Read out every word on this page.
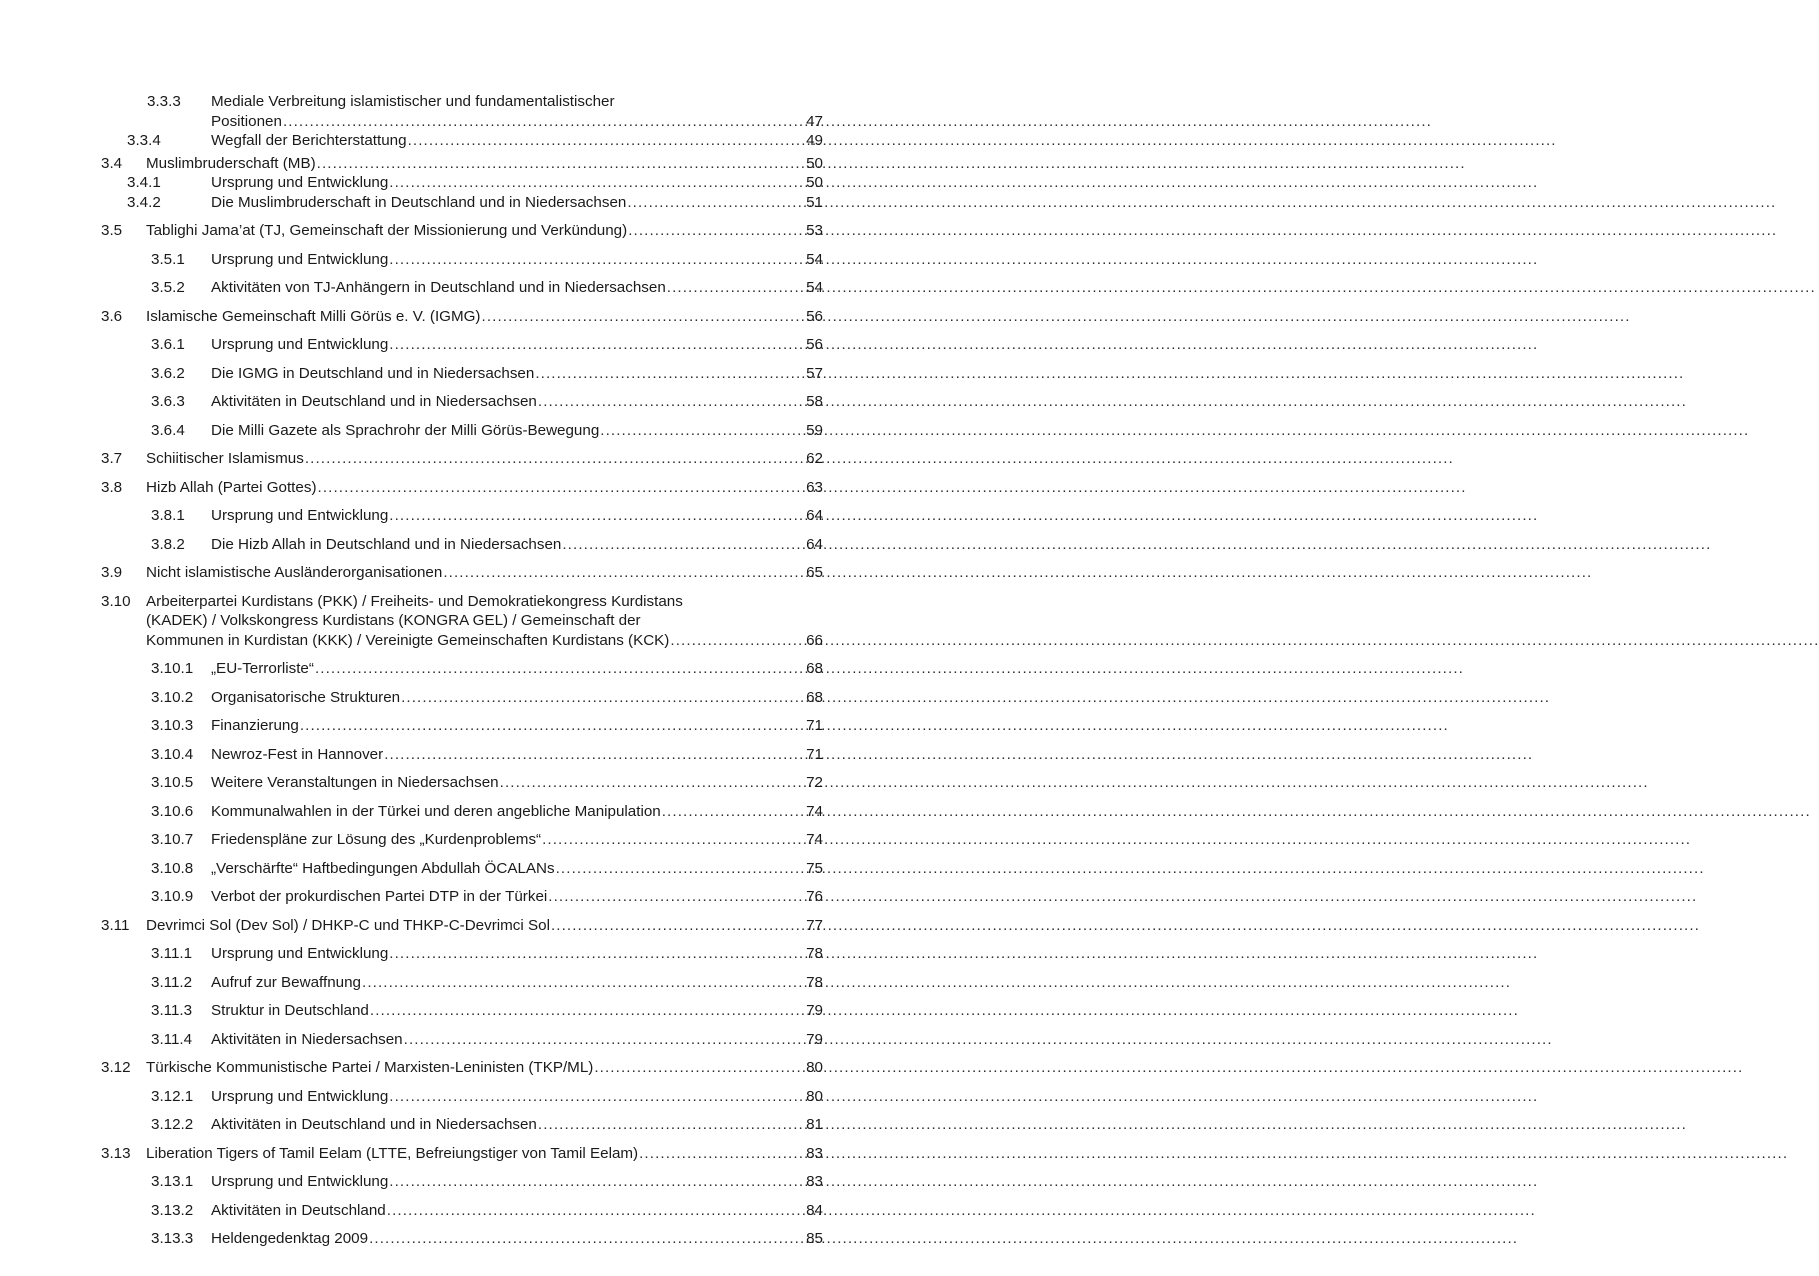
3.3.3	Mediale Verbreitung islamistischer und fundamentalistischer
Positionen .....	47
3.3.4	Wegfall der Berichterstattung .....	49
3.4	Muslimbruderschaft (MB) .....	50
3.4.1	Ursprung und Entwicklung .....	50
3.4.2	Die Muslimbruderschaft in Deutschland und in Niedersachsen .....	51
3.5	Tablighi Jama’at (TJ, Gemeinschaft der Missionierung und Verkündung) .....	53
3.5.1	Ursprung und Entwicklung .....	54
3.5.2	Aktivitäten von TJ-Anhängern in Deutschland und in Niedersachsen .....	54
3.6	Islamische Gemeinschaft Milli Görüs e. V. (IGMG) .....	56
3.6.1	Ursprung und Entwicklung .....	56
3.6.2	Die IGMG in Deutschland und in Niedersachsen .....	57
3.6.3	Aktivitäten in Deutschland und in Niedersachsen .....	58
3.6.4	Die Milli Gazete als Sprachrohr der Milli Görüs-Bewegung .....	59
3.7	Schiitischer Islamismus .....	62
3.8	Hizb Allah (Partei Gottes) .....	63
3.8.1	Ursprung und Entwicklung .....	64
3.8.2	Die Hizb Allah in Deutschland und in Niedersachsen .....	64
3.9	Nicht islamistische Ausländerorganisationen .....	65
3.10	Arbeiterpartei Kurdistans (PKK) / Freiheits- und Demokratiekongress Kurdistans
(KADEK) / Volkskongress Kurdistans (KONGRA GEL) / Gemeinschaft der
Kommunen in Kurdistan (KKK) / Vereinigte Gemeinschaften Kurdistans (KCK) .....	66
3.10.1	„EU-Terrorliste“ .....	68
3.10.2	Organisatorische Strukturen .....	68
3.10.3	Finanzierung .....	71
3.10.4	Newroz-Fest in Hannover .....	71
3.10.5	Weitere Veranstaltungen in Niedersachsen .....	72
3.10.6	Kommunalwahlen in der Türkei und deren angebliche Manipulation .....	74
3.10.7	Friedenspläne zur Lösung des „Kurdenproblems“ .....	74
3.10.8	„Verschärfte“ Haftbedingungen Abdullah ÖCALANs .....	75
3.10.9	Verbot der prokurdischen Partei DTP in der Türkei .....	76
3.11	Devrimci Sol (Dev Sol) / DHKP-C und THKP-C-Devrimci Sol .....	77
3.11.1	Ursprung und Entwicklung .....	78
3.11.2	Aufruf zur Bewaffnung .....	78
3.11.3	Struktur in Deutschland .....	79
3.11.4	Aktivitäten in Niedersachsen .....	79
3.12	Türkische Kommunistische Partei / Marxisten-Leninisten (TKP/ML) .....	80
3.12.1	Ursprung und Entwicklung .....	80
3.12.2	Aktivitäten in Deutschland und in Niedersachsen .....	81
3.13	Liberation Tigers of Tamil Eelam (LTTE, Befreiungstiger von Tamil Eelam) .....	83
3.13.1	Ursprung und Entwicklung .....	83
3.13.2	Aktivitäten in Deutschland .....	84
3.13.3	Heldengedenktag 2009 .....	85
